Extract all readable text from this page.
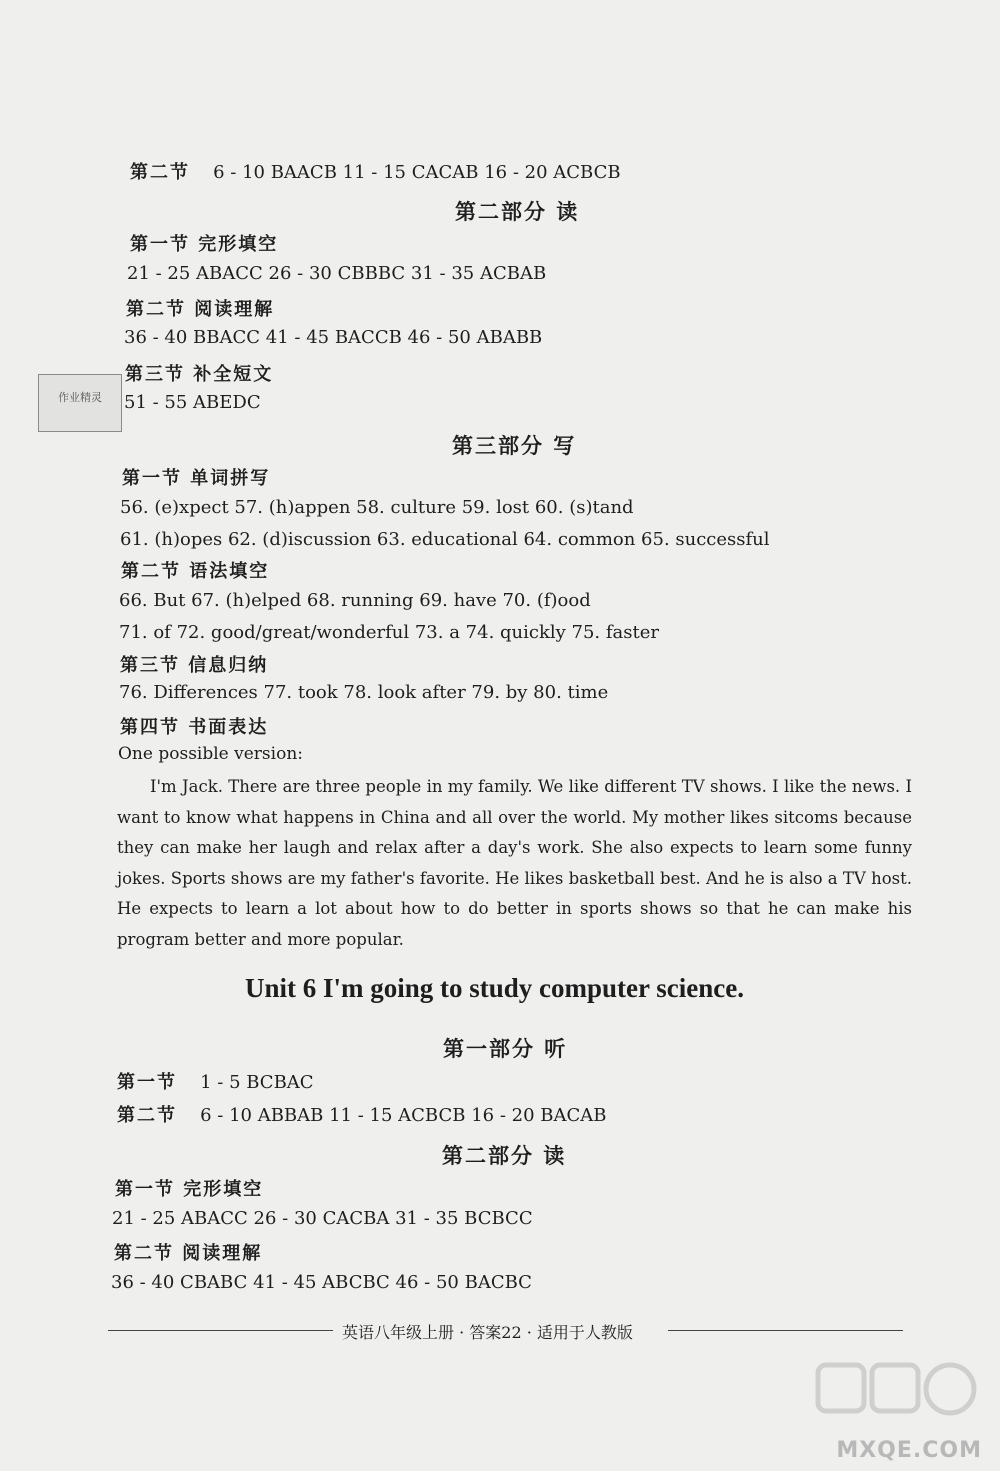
第二节 6 - 10 BAACB 11 - 15 CACAB 16 - 20 ACBCB
第二部分 读
第一节 完形填空
21 - 25 ABACC 26 - 30 CBBBC 31 - 35 ACBAB
第二节 阅读理解
36 - 40 BBACC 41 - 45 BACCB 46 - 50 ABABB
第三节 补全短文
51 - 55 ABEDC
作业精灵
第三部分 写
第一节 单词拼写
56. (e)xpect 57. (h)appen 58. culture 59. lost 60. (s)tand
61. (h)opes 62. (d)iscussion 63. educational 64. common 65. successful
第二节 语法填空
66. But 67. (h)elped 68. running 69. have 70. (f)ood
71. of 72. good/great/wonderful 73. a 74. quickly 75. faster
第三节 信息归纳
76. Differences 77. took 78. look after 79. by 80. time
第四节 书面表达
One possible version:

I'm Jack. There are three people in my family. We like different TV shows. I like the news. I want to know what happens in China and all over the world. My mother likes sitcoms because they can make her laugh and relax after a day's work. She also expects to learn some funny jokes. Sports shows are my father's favorite. He likes basketball best. And he is also a TV host. He expects to learn a lot about how to do better in sports shows so that he can make his program better and more popular.

Unit 6 I'm going to study computer science.
第一部分 听
第一节 1 - 5 BCBAC
第二节 6 - 10 ABBAB 11 - 15 ACBCB 16 - 20 BACAB
第二部分 读
第一节 完形填空
21 - 25 ABACC 26 - 30 CACBA 31 - 35 BCBCC
第二节 阅读理解
36 - 40 CBABC 41 - 45 ABCBC 46 - 50 BACBC
英语八年级上册 · 答案22 · 适用于人教版
MXQE.COM
